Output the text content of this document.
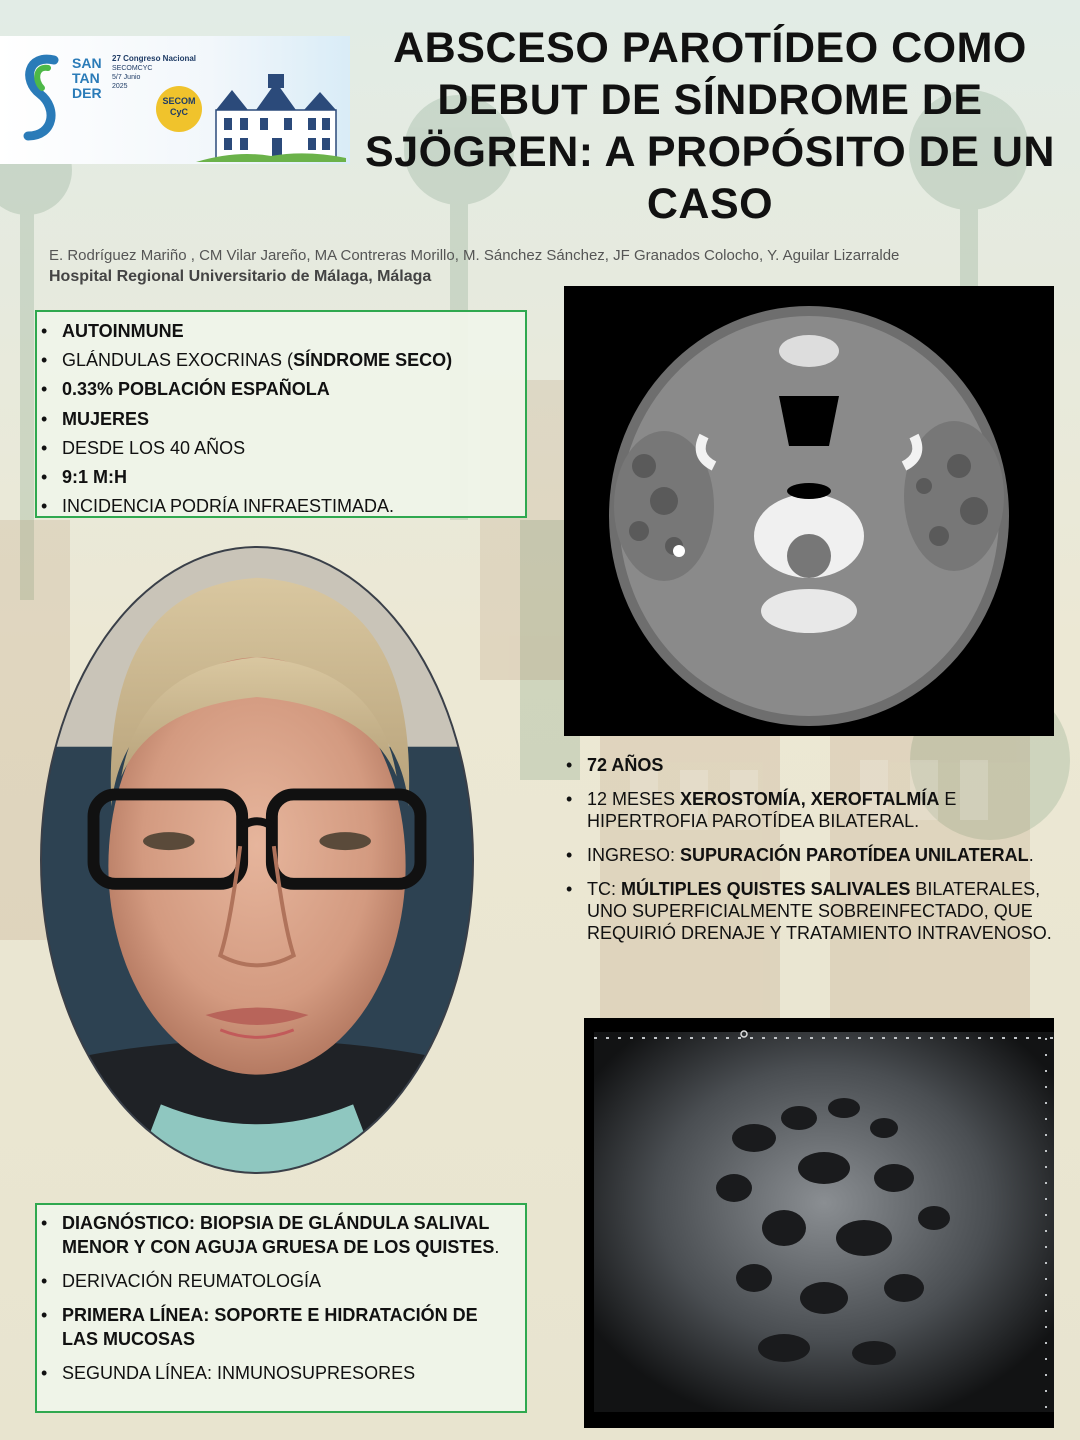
SAN
TAN
DER
27 Congreso Nacional
SECOMCYC
5/7 Junio
2025
SECOM
CyC
ABSCESO PAROTÍDEO COMO DEBUT DE SÍNDROME DE SJÖGREN: A PROPÓSITO DE UN CASO

E. Rodríguez Mariño , CM Vilar Jareño, MA Contreras Morillo, M. Sánchez Sánchez, JF Granados Colocho, Y. Aguilar Lizarralde

Hospital Regional Universitario de Málaga, Málaga

• AUTOINMUNE
• GLÁNDULAS EXOCRINAS (SÍNDROME SECO)
• 0.33% POBLACIÓN ESPAÑOLA
• MUJERES
• DESDE LOS 40 AÑOS
• 9:1 M:H
• INCIDENCIA PODRÍA INFRAESTIMADA.
• 72 AÑOS
• 12 MESES XEROSTOMÍA, XEROFTALMÍA E HIPERTROFIA PAROTÍDEA BILATERAL.
• INGRESO: SUPURACIÓN PAROTÍDEA UNILATERAL.
• TC: MÚLTIPLES QUISTES SALIVALES BILATERALES, UNO SUPERFICIALMENTE SOBREINFECTADO, QUE REQUIRIÓ DRENAJE Y TRATAMIENTO INTRAVENOSO.
• DIAGNÓSTICO: BIOPSIA DE GLÁNDULA SALIVAL MENOR Y CON AGUJA GRUESA DE LOS QUISTES.
• DERIVACIÓN REUMATOLOGÍA
• PRIMERA LÍNEA: SOPORTE E HIDRATACIÓN DE LAS MUCOSAS
• SEGUNDA LÍNEA: INMUNOSUPRESORES
